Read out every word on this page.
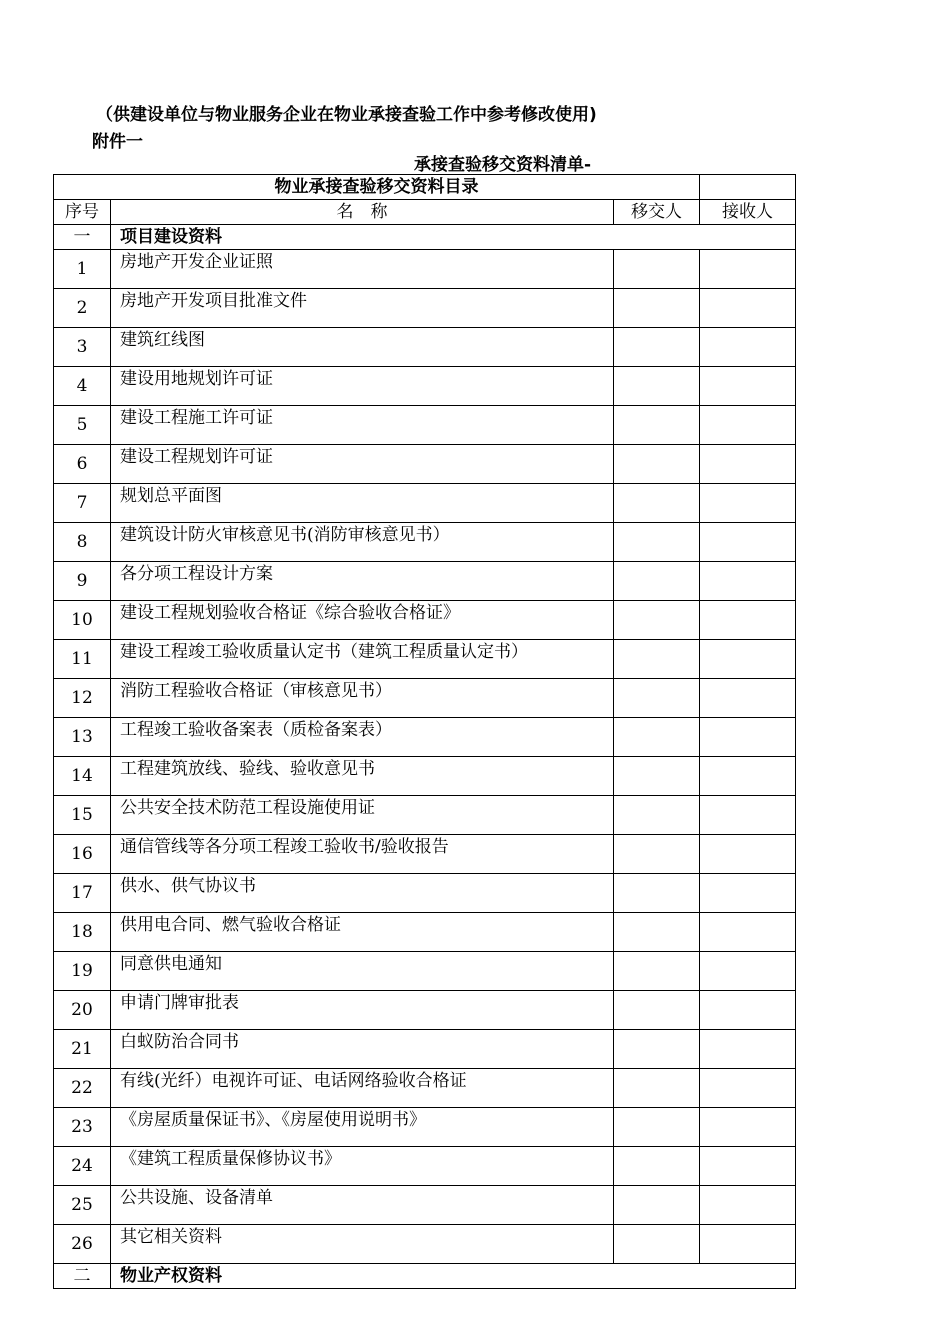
（供建设单位与物业服务企业在物业承接查验工作中参考修改使用)
附件一
承接查验移交资料清单-
物业承接查验移交资料目录			
序号	名　称	移交人	接收人
一	项目建设资料		
1	房地产开发企业证照		
2	房地产开发项目批准文件		
3	建筑红线图		
4	建设用地规划许可证		
5	建设工程施工许可证		
6	建设工程规划许可证		
7	规划总平面图		
8	建筑设计防火审核意见书(消防审核意见书）		
9	各分项工程设计方案		
10	建设工程规划验收合格证《综合验收合格证》		
11	建设工程竣工验收质量认定书（建筑工程质量认定书）		
12	消防工程验收合格证（审核意见书）		
13	工程竣工验收备案表（质检备案表）		
14	工程建筑放线、验线、验收意见书		
15	公共安全技术防范工程设施使用证		
16	通信管线等各分项工程竣工验收书/验收报告		
17	供水、供气协议书		
18	供用电合同、燃气验收合格证		
19	同意供电通知		
20	申请门牌审批表		
21	白蚁防治合同书		
22	有线(光纤）电视许可证、电话网络验收合格证		
23	《房屋质量保证书》、《房屋使用说明书》		
24	《建筑工程质量保修协议书》		
25	公共设施、设备清单		
26	其它相关资料		
二	物业产权资料		
